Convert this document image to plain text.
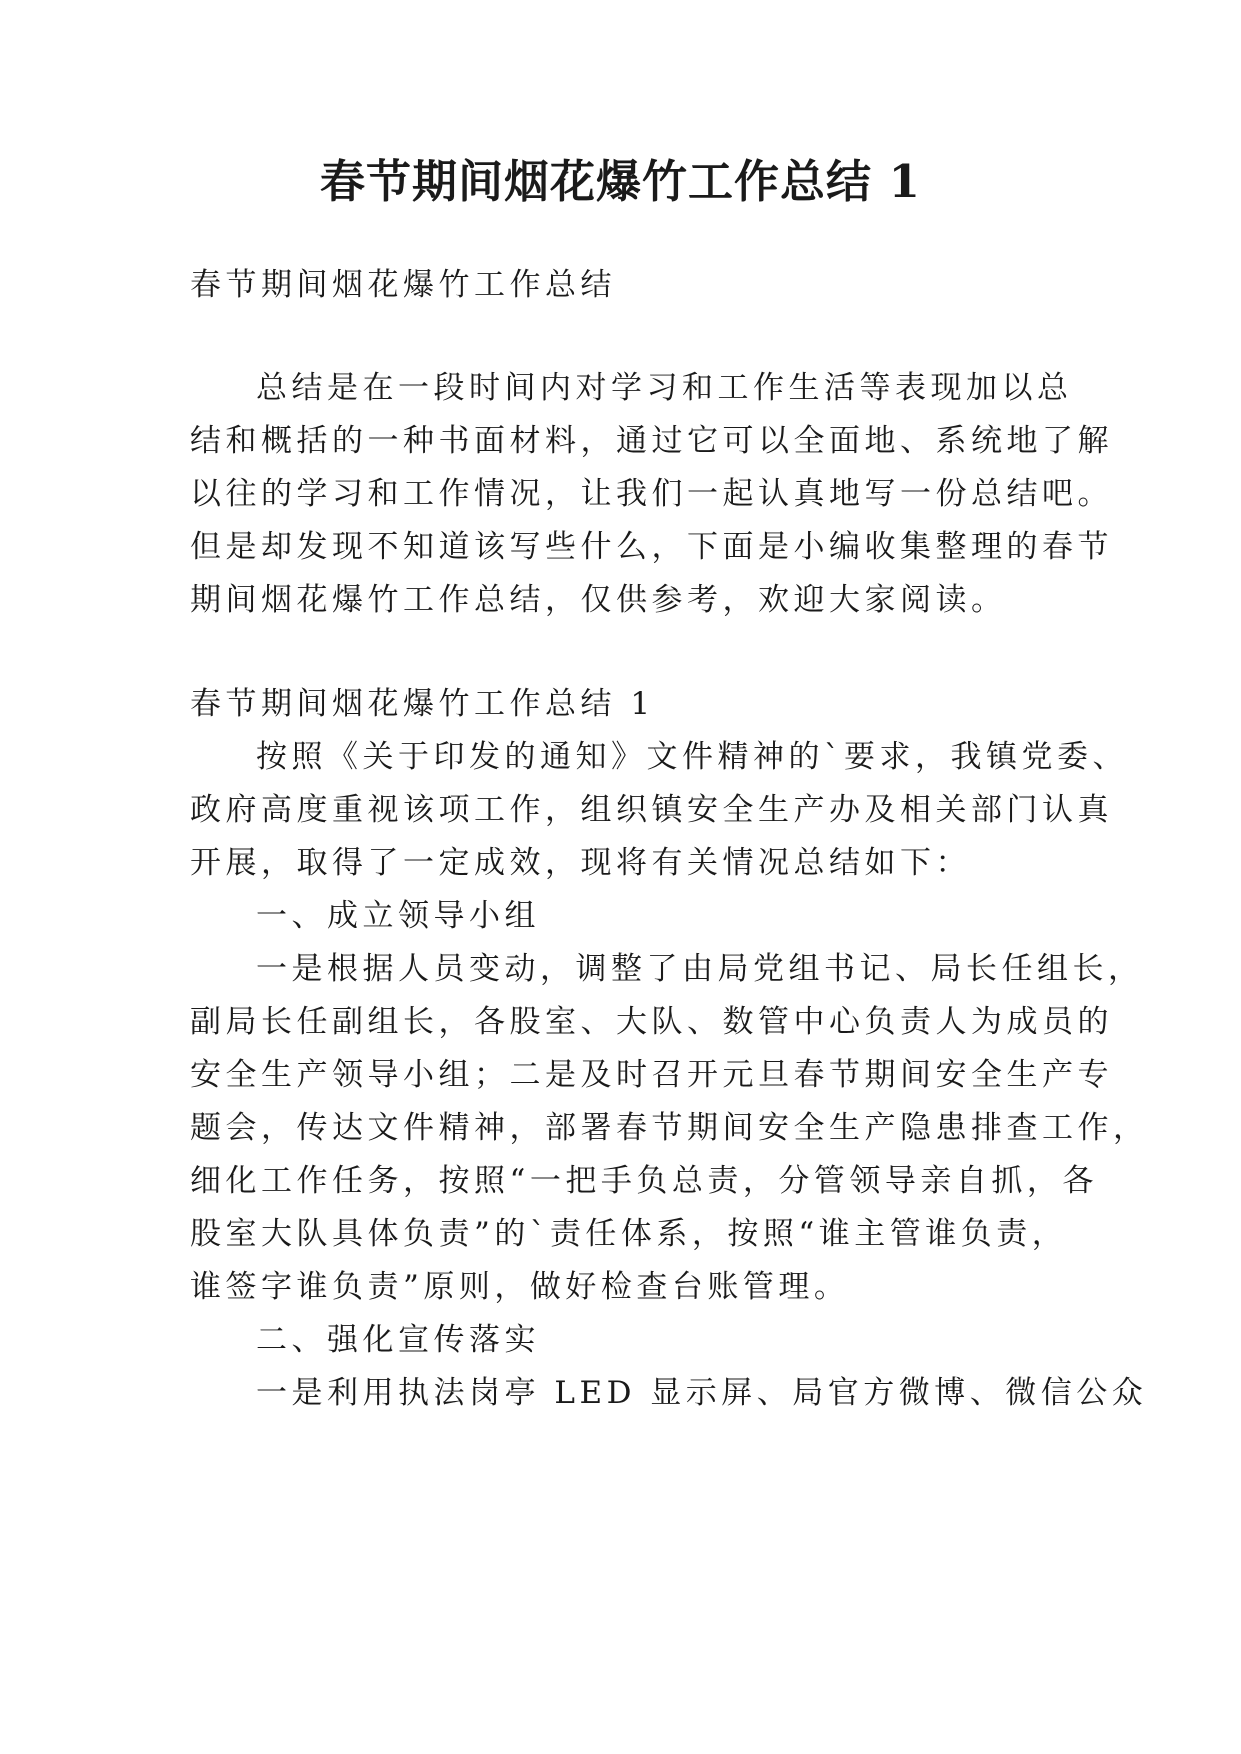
春节期间烟花爆竹工作总结 1
春节期间烟花爆竹工作总结
总结是在一段时间内对学习和工作生活等表现加以总
结和概括的一种书面材料，通过它可以全面地、系统地了解
以往的学习和工作情况，让我们一起认真地写一份总结吧。
但是却发现不知道该写些什么，下面是小编收集整理的春节
期间烟花爆竹工作总结，仅供参考，欢迎大家阅读。
春节期间烟花爆竹工作总结 1
按照《关于印发的通知》文件精神的`要求，我镇党委、
政府高度重视该项工作，组织镇安全生产办及相关部门认真
开展，取得了一定成效，现将有关情况总结如下：
一、成立领导小组
一是根据人员变动，调整了由局党组书记、局长任组长，
副局长任副组长，各股室、大队、数管中心负责人为成员的
安全生产领导小组；二是及时召开元旦春节期间安全生产专
题会，传达文件精神，部署春节期间安全生产隐患排查工作，
细化工作任务，按照“一把手负总责，分管领导亲自抓，各
股室大队具体负责”的`责任体系，按照“谁主管谁负责，
谁签字谁负责”原则，做好检查台账管理。
二、强化宣传落实
一是利用执法岗亭 LED 显示屏、局官方微博、微信公众
